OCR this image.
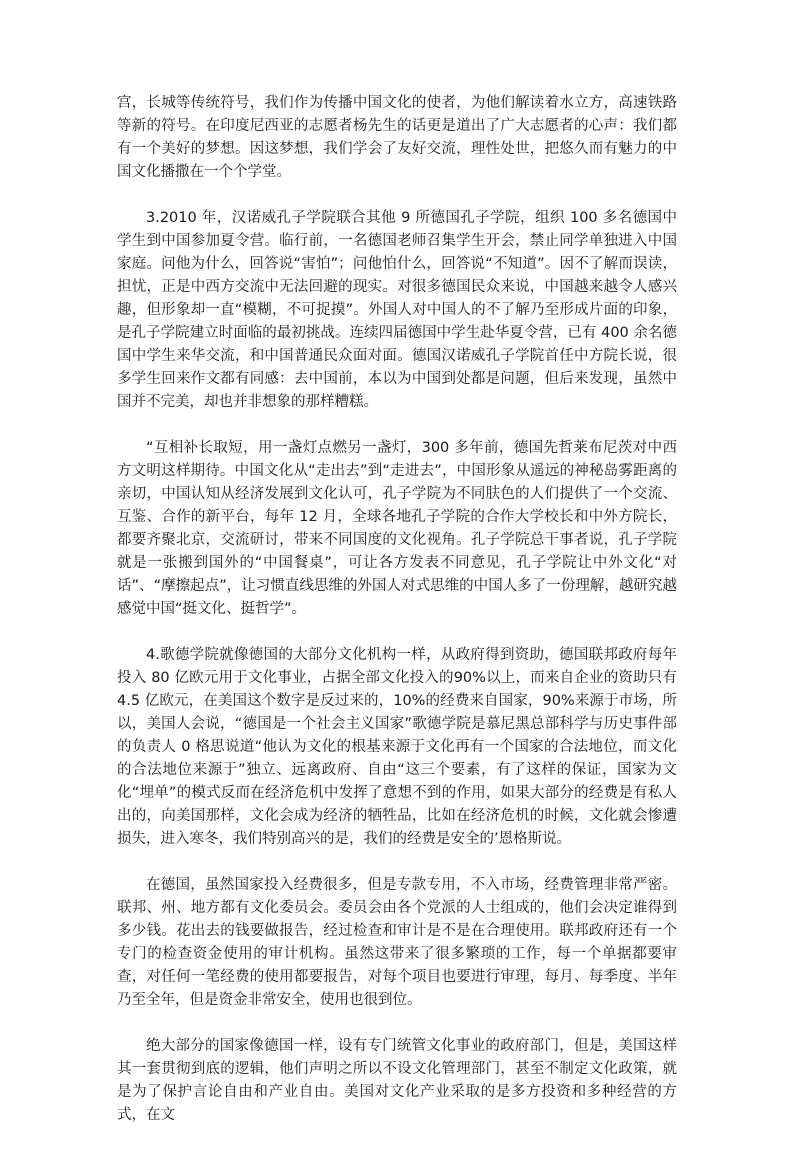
宫，长城等传统符号，我们作为传播中国文化的使者，为他们解读着水立方，高速铁路等新的符号。在印度尼西亚的志愿者杨先生的话更是道出了广大志愿者的心声：我们都有一个美好的梦想。因这梦想，我们学会了友好交流，理性处世，把悠久而有魅力的中国文化播撒在一个个学堂。

3.2010 年，汉诺威孔子学院联合其他 9 所德国孔子学院，组织 100 多名德国中学生到中国参加夏令营。临行前，一名德国老师召集学生开会，禁止同学单独进入中国家庭。问他为什么，回答说“害怕”；问他怕什么，回答说“不知道”。因不了解而误读，担忧，正是中西方交流中无法回避的现实。对很多德国民众来说，中国越来越令人感兴趣，但形象却一直“模糊，不可捉摸”。外国人对中国人的不了解乃至形成片面的印象，是孔子学院建立时面临的最初挑战。连续四届德国中学生赴华夏令营，已有 400 余名德国中学生来华交流，和中国普通民众面对面。德国汉诺威孔子学院首任中方院长说，很多学生回来作文都有同感：去中国前，本以为中国到处都是问题，但后来发现，虽然中国并不完美，却也并非想象的那样糟糕。

“互相补长取短，用一盏灯点燃另一盏灯，300 多年前，德国先哲莱布尼茨对中西方文明这样期待。中国文化从“走出去”到“走进去”，中国形象从遥远的神秘岛雾距离的亲切，中国认知从经济发展到文化认可，孔子学院为不同肤色的人们提供了一个交流、互鉴、合作的新平台，每年 12 月，全球各地孔子学院的合作大学校长和中外方院长，都要齐聚北京，交流研讨，带来不同国度的文化视角。孔子学院总干事者说，孔子学院就是一张搬到国外的“中国餐桌”，可让各方发表不同意见，孔子学院让中外文化“对话”、“摩擦起点”，让习惯直线思维的外国人对式思维的中国人多了一份理解，越研究越感觉中国“挺文化、挺哲学”。

4.歌德学院就像德国的大部分文化机构一样，从政府得到资助，德国联邦政府每年投入 80 亿欧元用于文化事业，占据全部文化投入的90%以上，而来自企业的资助只有 4.5 亿欧元，在美国这个数字是反过来的，10%的经费来自国家，90%来源于市场，所以，美国人会说，“德国是一个社会主义国家”歌德学院是慕尼黑总部科学与历史事件部的负责人 0 格思说道“他认为文化的根基来源于文化再有一个国家的合法地位，而文化的合法地位来源于”独立、远离政府、自由“这三个要素，有了这样的保证，国家为文化“埋单”的模式反而在经济危机中发挥了意想不到的作用，如果大部分的经费是有私人出的，向美国那样，文化会成为经济的牺牲品，比如在经济危机的时候，文化就会惨遭损失，进入寒冬，我们特别高兴的是，我们的经费是安全的’恩格斯说。

在德国，虽然国家投入经费很多，但是专款专用，不入市场，经费管理非常严密。联邦、州、地方都有文化委员会。委员会由各个党派的人士组成的，他们会决定谁得到多少钱。花出去的钱要做报告，经过检查和审计是不是在合理使用。联邦政府还有一个专门的检查资金使用的审计机构。虽然这带来了很多繁琐的工作，每一个单据都要审查，对任何一笔经费的使用都要报告，对每个项目也要进行审理，每月、每季度、半年乃至全年，但是资金非常安全，使用也很到位。

绝大部分的国家像德国一样，设有专门统管文化事业的政府部门，但是，美国这样其一套贯彻到底的逻辑，他们声明之所以不设文化管理部门，甚至不制定文化政策，就是为了保护言论自由和产业自由。美国对文化产业采取的是多方投资和多种经营的方式，在文
